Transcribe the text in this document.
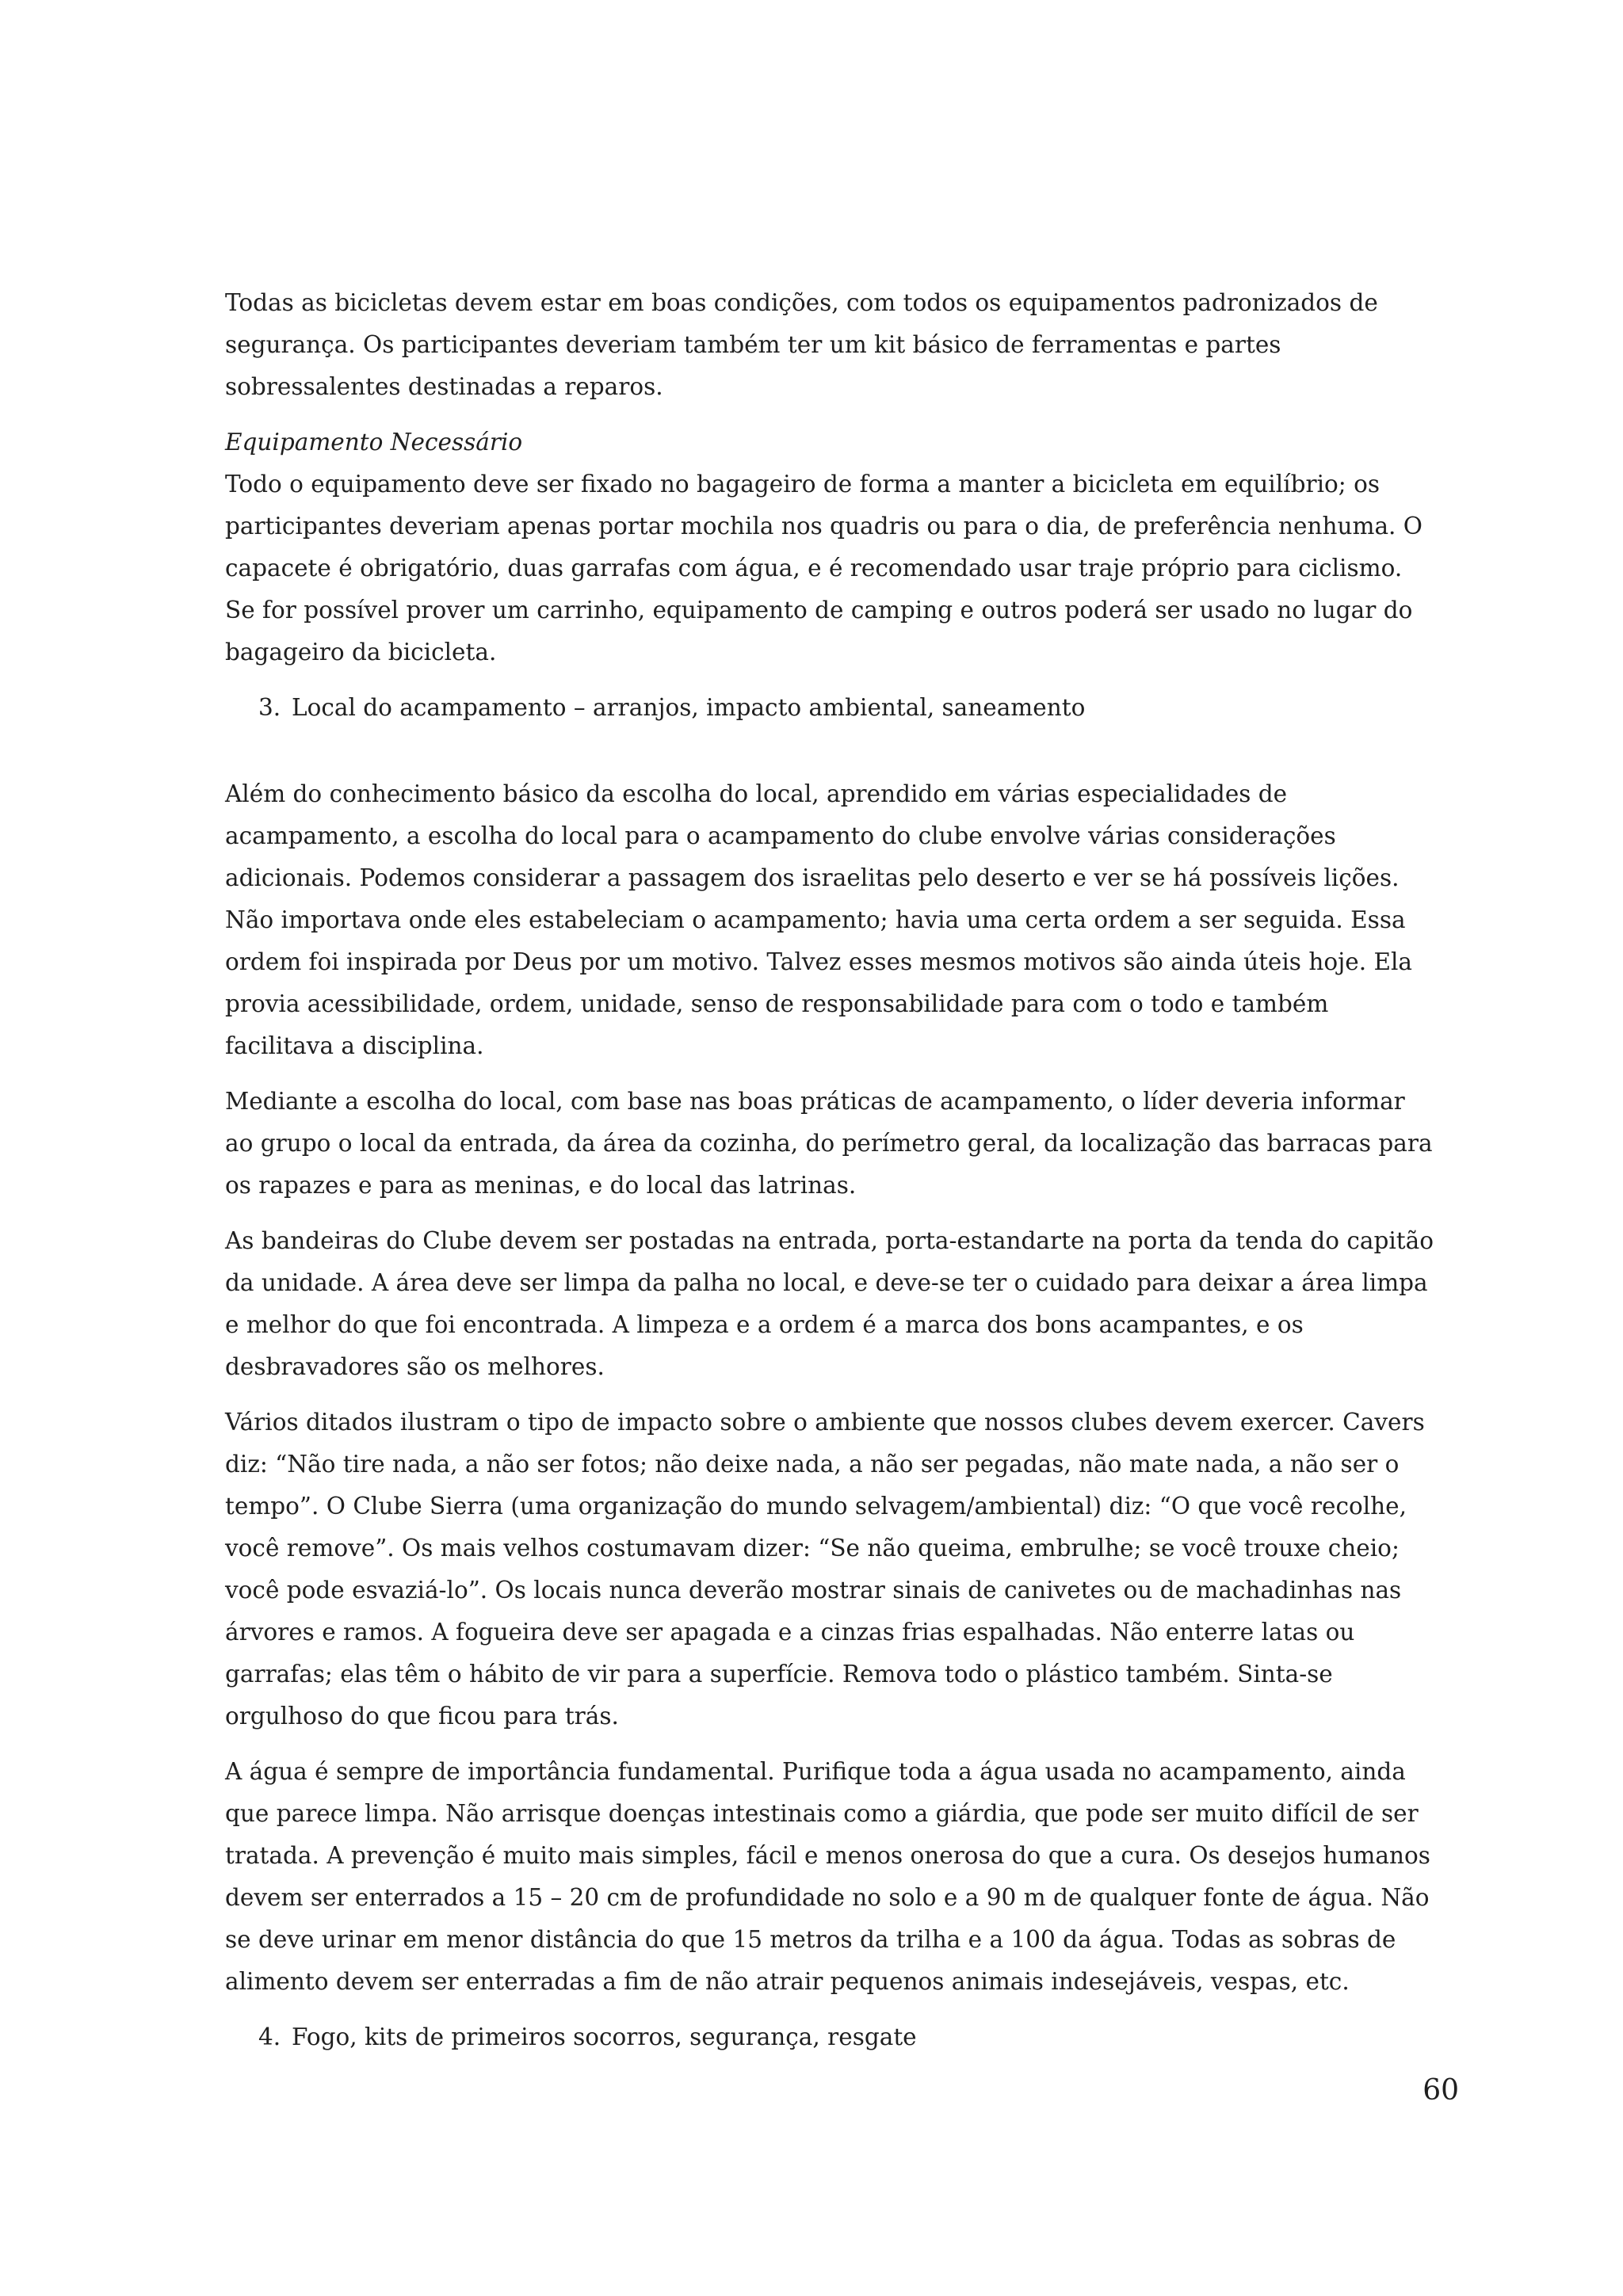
Todas as bicicletas devem estar em boas condições, com todos os equipamentos padronizados de segurança. Os participantes deveriam também ter um kit básico de ferramentas e partes sobressalentes destinadas a reparos.

Equipamento Necessário

Todo o equipamento deve ser fixado no bagageiro de forma a manter a bicicleta em equilíbrio; os participantes deveriam apenas portar mochila nos quadris ou para o dia, de preferência nenhuma. O capacete é obrigatório, duas garrafas com água, e é recomendado usar traje próprio para ciclismo. Se for possível prover um carrinho, equipamento de camping e outros poderá ser usado no lugar do bagageiro da bicicleta.

3. Local do acampamento – arranjos, impacto ambiental, saneamento

Além do conhecimento básico da escolha do local, aprendido em várias especialidades de acampamento, a escolha do local para o acampamento do clube envolve várias considerações adicionais. Podemos considerar a passagem dos israelitas pelo deserto e ver se há possíveis lições. Não importava onde eles estabeleciam o acampamento; havia uma certa ordem a ser seguida. Essa ordem foi inspirada por Deus por um motivo. Talvez esses mesmos motivos são ainda úteis hoje. Ela provia acessibilidade, ordem, unidade, senso de responsabilidade para com o todo e também facilitava a disciplina.

Mediante a escolha do local, com base nas boas práticas de acampamento, o líder deveria informar ao grupo o local da entrada, da área da cozinha, do perímetro geral, da localização das barracas para os rapazes e para as meninas, e do local das latrinas.

As bandeiras do Clube devem ser postadas na entrada, porta-estandarte na porta da tenda do capitão da unidade. A área deve ser limpa da palha no local, e deve-se ter o cuidado para deixar a área limpa e melhor do que foi encontrada. A limpeza e a ordem é a marca dos bons acampantes, e os desbravadores são os melhores.

Vários ditados ilustram o tipo de impacto sobre o ambiente que nossos clubes devem exercer. Cavers diz: “Não tire nada, a não ser fotos; não deixe nada, a não ser pegadas, não mate nada, a não ser o tempo”. O Clube Sierra (uma organização do mundo selvagem/ambiental) diz: “O que você recolhe, você remove”. Os mais velhos costumavam dizer: “Se não queima, embrulhe; se você trouxe cheio; você pode esvaziá-lo”. Os locais nunca deverão mostrar sinais de canivetes ou de machadinhas nas árvores e ramos. A fogueira deve ser apagada e a cinzas frias espalhadas. Não enterre latas ou garrafas; elas têm o hábito de vir para a superfície. Remova todo o plástico também. Sinta-se orgulhoso do que ficou para trás.

A água é sempre de importância fundamental. Purifique toda a água usada no acampamento, ainda que parece limpa. Não arrisque doenças intestinais como a giárdia, que pode ser muito difícil de ser tratada. A prevenção é muito mais simples, fácil e menos onerosa do que a cura. Os desejos humanos devem ser enterrados a 15 – 20 cm de profundidade no solo e a 90 m de qualquer fonte de água. Não se deve urinar em menor distância do que 15 metros da trilha e a 100 da água. Todas as sobras de alimento devem ser enterradas a fim de não atrair pequenos animais indesejáveis, vespas, etc.

4. Fogo, kits de primeiros socorros, segurança, resgate
60
